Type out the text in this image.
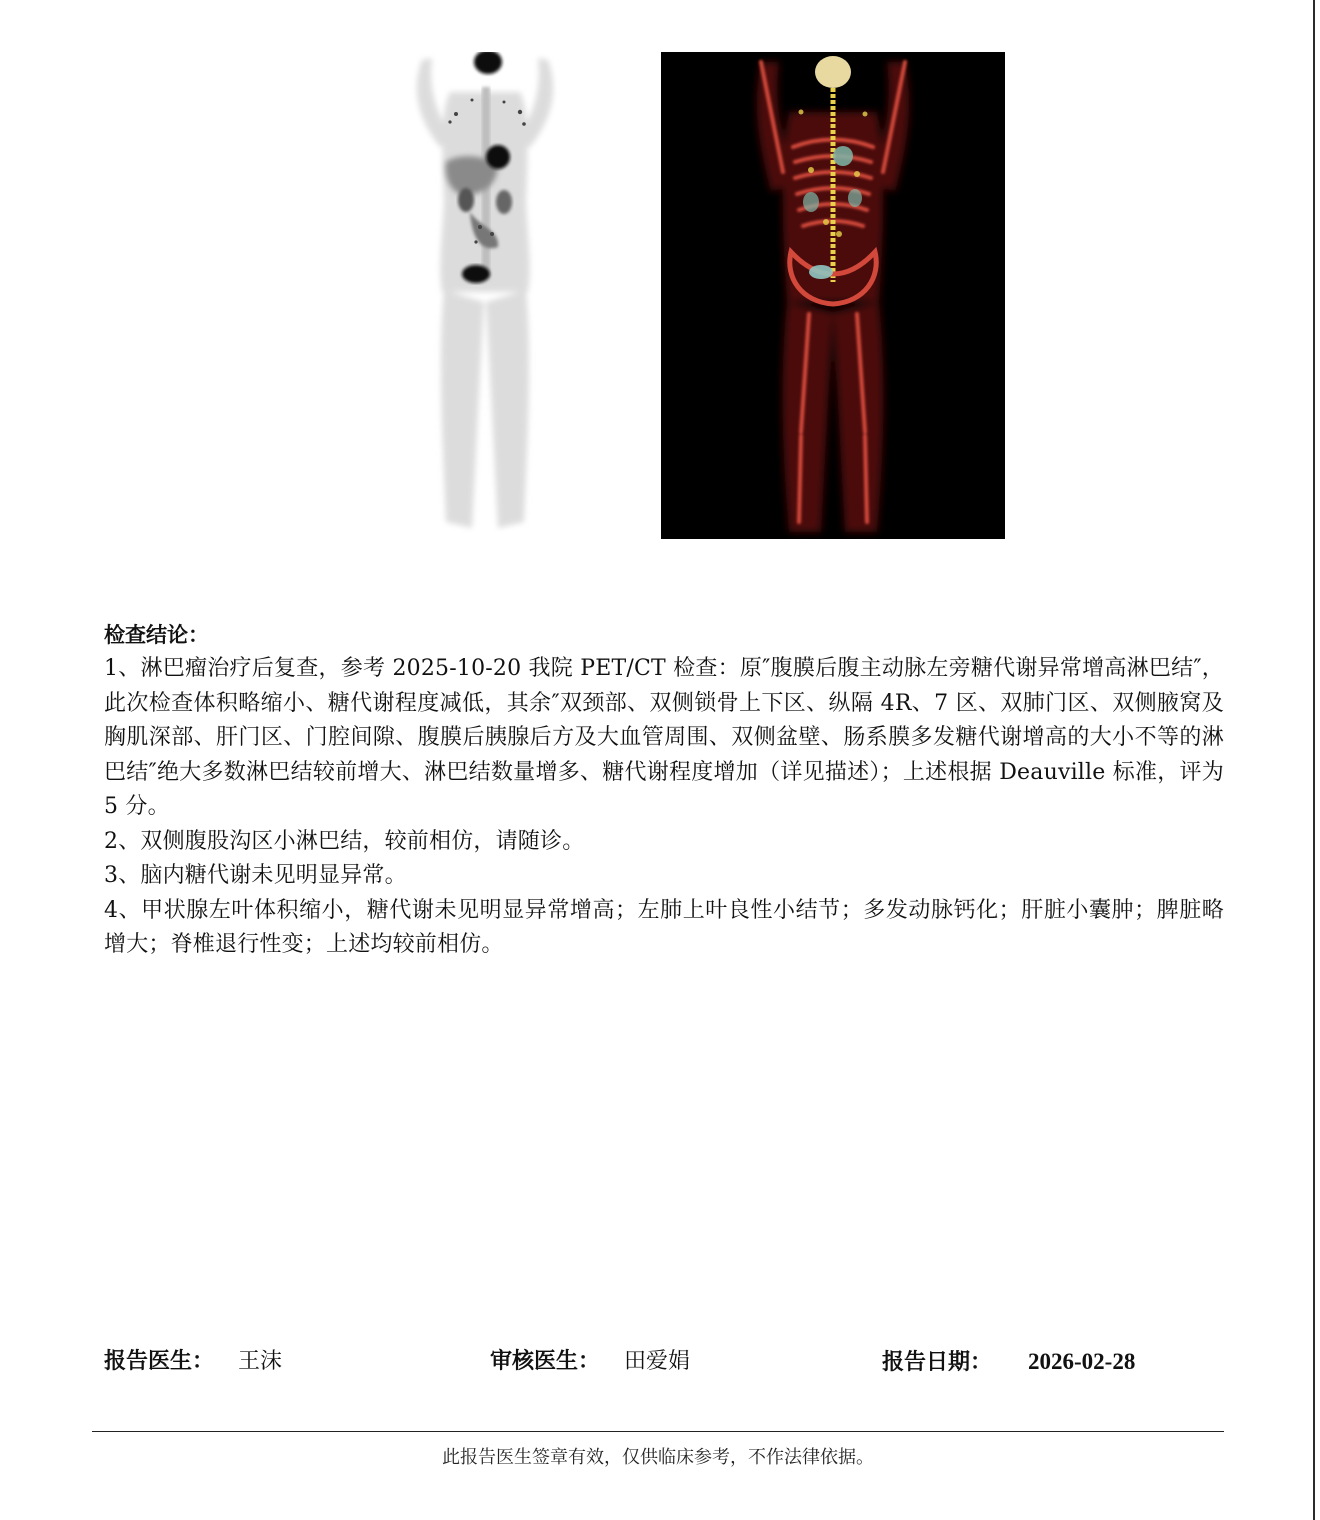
检查结论：

1、淋巴瘤治疗后复查，参考 2025-10-20 我院 PET/CT 检查：原″腹膜后腹主动脉左旁糖代谢异常增高淋巴结″，此次检查体积略缩小、糖代谢程度减低，其余″双颈部、双侧锁骨上下区、纵隔 4R、7 区、双肺门区、双侧腋窝及胸肌深部、肝门区、门腔间隙、腹膜后胰腺后方及大血管周围、双侧盆壁、肠系膜多发糖代谢增高的大小不等的淋巴结″绝大多数淋巴结较前增大、淋巴结数量增多、糖代谢程度增加（详见描述）；上述根据 Deauville 标准，评为 5 分。

2、双侧腹股沟区小淋巴结，较前相仿，请随诊。

3、脑内糖代谢未见明显异常。

4、甲状腺左叶体积缩小，糖代谢未见明显异常增高；左肺上叶良性小结节；多发动脉钙化；肝脏小囊肿；脾脏略增大；脊椎退行性变；上述均较前相仿。

报告医生： 王沫	审核医生： 田爱娟	报告日期： 2026-02-28
此报告医生签章有效，仅供临床参考，不作法律依据。
